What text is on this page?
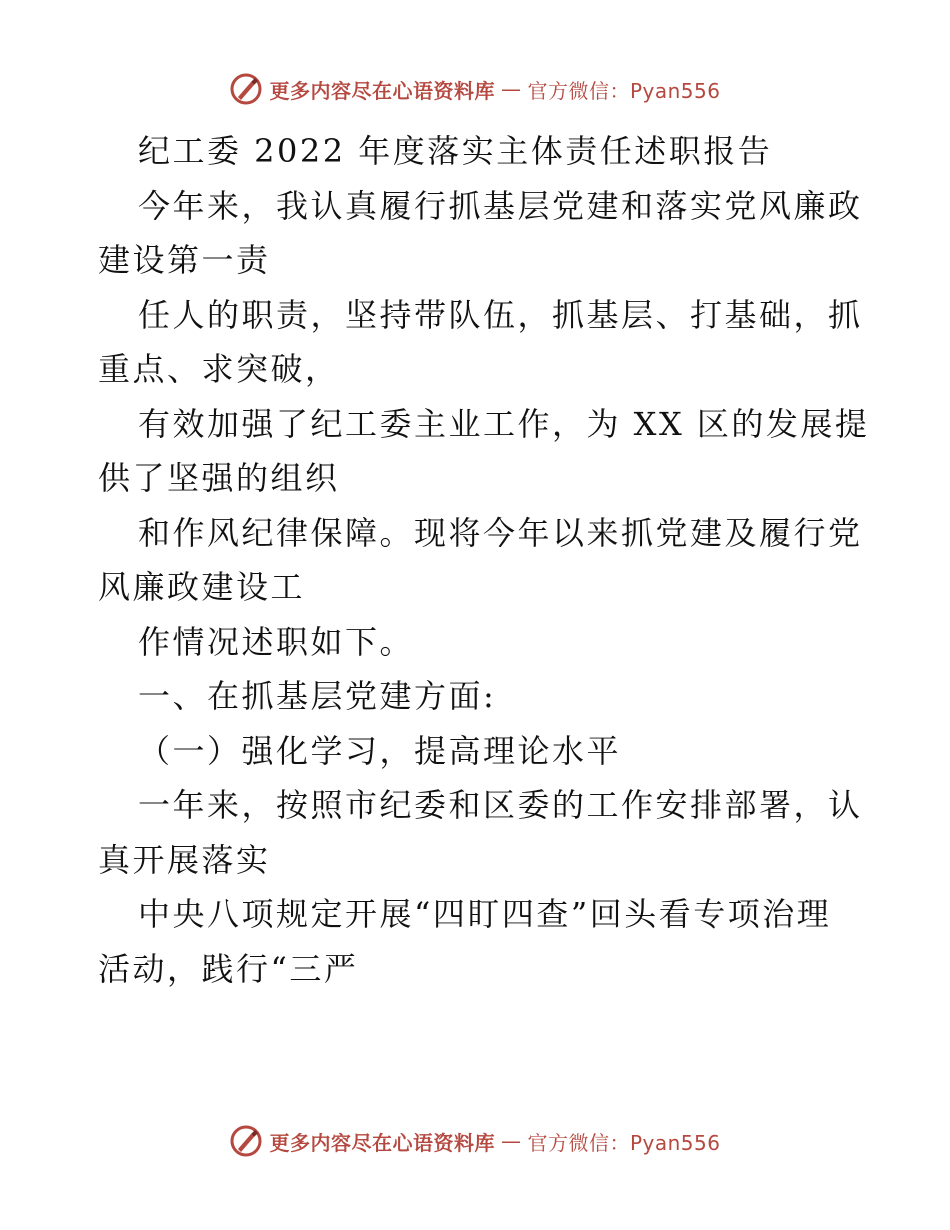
更多内容尽在心语资料库 — 官方微信：Pyan556
纪工委 2022 年度落实主体责任述职报告
今年来，我认真履行抓基层党建和落实党风廉政
建设第一责
任人的职责，坚持带队伍，抓基层、打基础，抓
重点、求突破，
有效加强了纪工委主业工作，为 XX 区的发展提
供了坚强的组织
和作风纪律保障。现将今年以来抓党建及履行党
风廉政建设工
作情况述职如下。
一、在抓基层党建方面:
（一）强化学习，提高理论水平
一年来，按照市纪委和区委的工作安排部署，认
真开展落实
中央八项规定开展“四盯四查”回头看专项治理
活动，践行“三严
更多内容尽在心语资料库 — 官方微信：Pyan556
